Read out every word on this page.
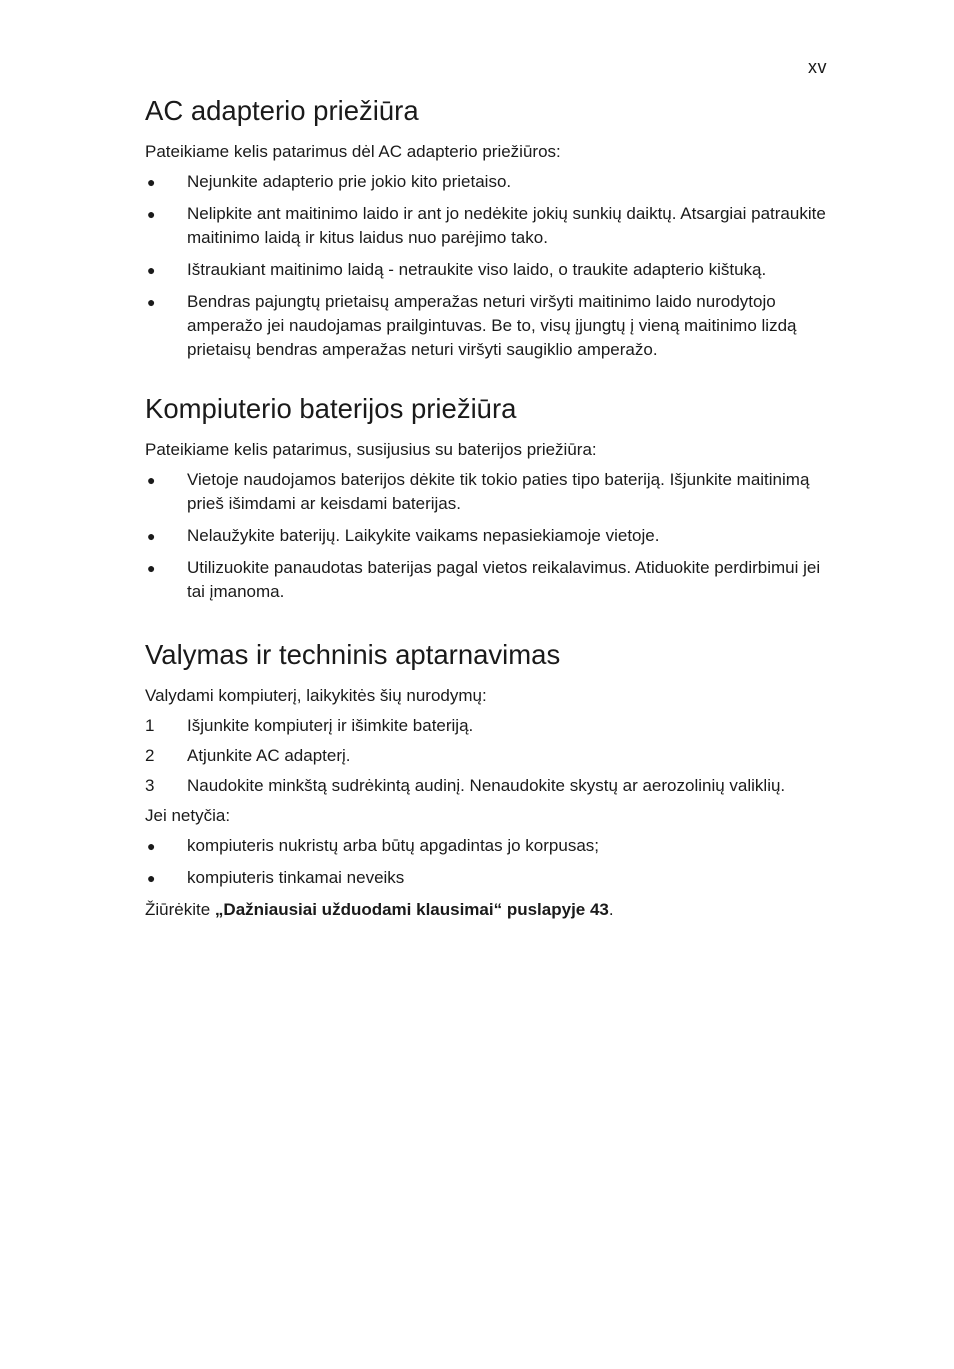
xv
AC adapterio priežiūra

Pateikiame kelis patarimus dėl AC adapterio priežiūros:

●	Nejunkite adapterio prie jokio kito prietaiso.
●	Nelipkite ant maitinimo laido ir ant jo nedėkite jokių sunkių daiktų. Atsargiai patraukite maitinimo laidą ir kitus laidus nuo parėjimo tako.
●	Ištraukiant maitinimo laidą - netraukite viso laido, o traukite adapterio kištuką.
●	Bendras pajungtų prietaisų amperažas neturi viršyti maitinimo laido nurodytojo amperažo jei naudojamas prailgintuvas. Be to, visų įjungtų į vieną maitinimo lizdą prietaisų bendras amperažas neturi viršyti saugiklio amperažo.
Kompiuterio baterijos priežiūra

Pateikiame kelis patarimus, susijusius su baterijos priežiūra:

●	Vietoje naudojamos baterijos dėkite tik tokio paties tipo bateriją. Išjunkite maitinimą prieš išimdami ar keisdami baterijas.
●	Nelaužykite baterijų. Laikykite vaikams nepasiekiamoje vietoje.
●	Utilizuokite panaudotas baterijas pagal vietos reikalavimus. Atiduokite perdirbimui jei tai įmanoma.
Valymas ir techninis aptarnavimas

Valydami kompiuterį, laikykitės šių nurodymų:

1	Išjunkite kompiuterį ir išimkite bateriją.
2	Atjunkite AC adapterį.
3	Naudokite minkštą sudrėkintą audinį. Nenaudokite skystų ar aerozolinių valiklių.

Jei netyčia:

●	kompiuteris nukristų arba būtų apgadintas jo korpusas;
●	kompiuteris tinkamai neveiks

Žiūrėkite „Dažniausiai užduodami klausimai“ puslapyje 43.
